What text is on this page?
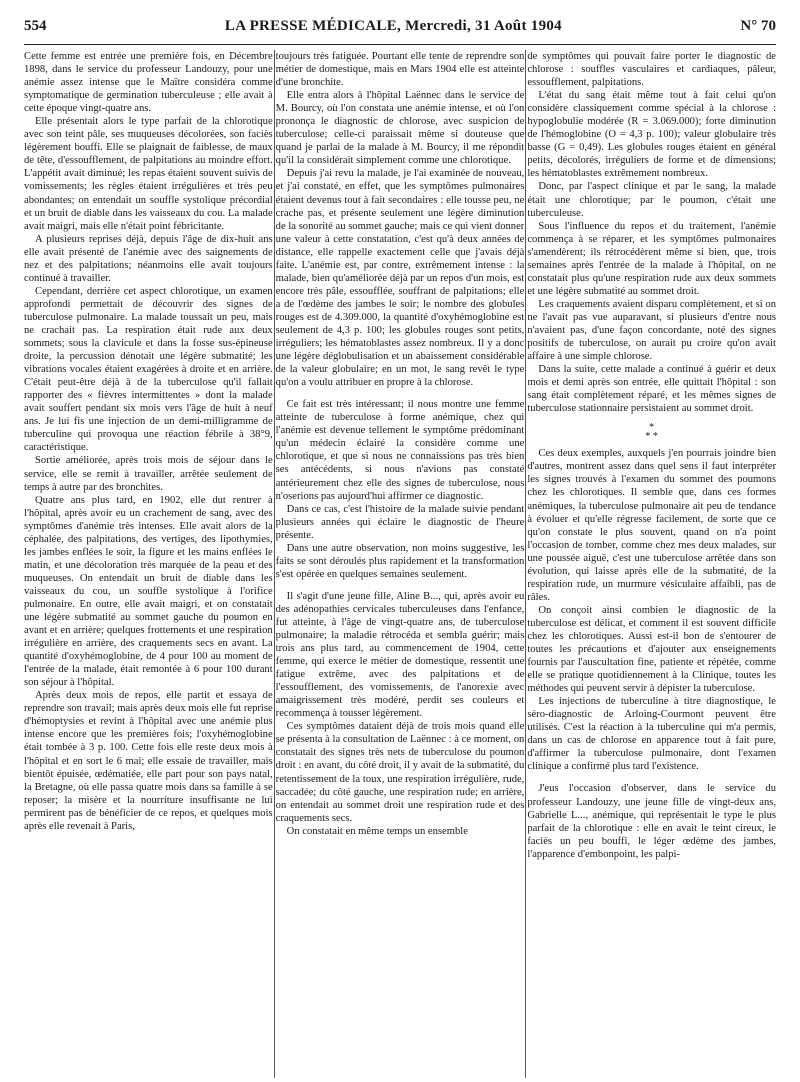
554	LA PRESSE MÉDICALE, Mercredi, 31 Août 1904	N° 70

Cette femme est entrée une première fois, en Décembre 1898, dans le service du professeur Landouzy, pour une anémie assez intense que le Maître considéra comme symptomatique de germination tuberculeuse ; elle avait à cette époque vingt-quatre ans.

Elle présentait alors le type parfait de la chlorotique avec son teint pâle, ses muqueuses décolorées, son faciès légèrement bouffi. Elle se plaignait de faiblesse, de maux de tête, d'essoufflement, de palpitations au moindre effort. L'appétit avait diminué; les repas étaient souvent suivis de vomissements; les règles étaient irrégulières et très peu abondantes; on entendait un souffle systolique précordial et un bruit de diable dans les vaisseaux du cou. La malade avait maigri, mais elle n'était point fébricitante.

A plusieurs reprises déjà, depuis l'âge de dix-huit ans elle avait présenté de l'anémie avec des saignements de nez et des palpitations; néanmoins elle avait toujours continué à travailler.

Cependant, derrière cet aspect chlorotique, un examen approfondi permettait de découvrir des signes de tuberculose pulmonaire. La malade toussait un peu, mais ne crachait pas. La respiration était rude aux deux sommets; sous la clavicule et dans la fosse sus-épineuse droite, la percussion dénotait une légère submatité; les vibrations vocales étaient exagérées à droite et en arrière. C'était peut-être déjà à de la tuberculose qu'il fallait rapporter des « fièvres intermittentes » dont la malade avait souffert pendant six mois vers l'âge de huit à neuf ans. Je lui fis une injection de un demi-milligramme de tuberculine qui provoqua une réaction fébrile à 38°9, caractéristique.

Sortie améliorée, après trois mois de séjour dans le service, elle se remit à travailler, arrêtée seulement de temps à autre par des bronchites.

Quatre ans plus tard, en 1902, elle dut rentrer à l'hôpital, après avoir eu un crachement de sang, avec des symptômes d'anémie très intenses. Elle avait alors de la céphalée, des palpitations, des vertiges, des lipothymies, les jambes enflées le soir, la figure et les mains enflées le matin, et une décoloration très marquée de la peau et des muqueuses. On entendait un bruit de diable dans les vaisseaux du cou, un souffle systolique à l'orifice pulmonaire. En outre, elle avait maigri, et on constatait une légère submatité au sommet gauche du poumon en avant et en arrière; quelques frottements et une respiration irrégulière en arrière, des craquements secs en avant. La quantité d'oxyhémoglobine, de 4 pour 100 au moment de l'entrée de la malade, était remontée à 6 pour 100 durant son séjour à l'hôpital.

Après deux mois de repos, elle partit et essaya de reprendre son travail; mais après deux mois elle fut reprise d'hémoptysies et revint à l'hôpital avec une anémie plus intense encore que les premières fois; l'oxyhémoglobine était tombée à 3 p. 100. Cette fois elle reste deux mois à l'hôpital et en sort le 6 mai; elle essaie de travailler, mais bientôt épuisée, œdématiée, elle part pour son pays natal, la Bretagne, où elle passa quatre mois dans sa famille à se reposer; la misère et la nourriture insuffisante ne lui permirent pas de bénéficier de ce repos, et quelques mois après elle revenait à Paris,

toujours très fatiguée. Pourtant elle tente de reprendre son métier de domestique, mais en Mars 1904 elle est atteinte d'une bronchite.

Elle entra alors à l'hôpital Laënnec dans le service de M. Bourcy, où l'on constata une anémie intense, et où l'on prononça le diagnostic de chlorose, avec suspicion de tuberculose; celle-ci paraissait même si douteuse que quand je parlai de la malade à M. Bourcy, il me répondit qu'il la considérait simplement comme une chlorotique.

Depuis j'ai revu la malade, je l'ai examinée de nouveau, et j'ai constaté, en effet, que les symptômes pulmonaires étaient devenus tout à fait secondaires : elle tousse peu, ne crache pas, et présente seulement une légère diminution de la sonorité au sommet gauche; mais ce qui vient donner une valeur à cette constatation, c'est qu'à deux années de distance, elle rappelle exactement celle que j'avais déjà faite. L'anémie est, par contre, extrêmement intense : la malade, bien qu'améliorée déjà par un repos d'un mois, est encore très pâle, essoufflée, souffrant de palpitations; elle a de l'œdème des jambes le soir; le nombre des globules rouges est de 4.309.000, la quantité d'oxyhémoglobine est seulement de 4,3 p. 100; les globules rouges sont petits, irréguliers; les hématoblastes assez nombreux. Il y a donc une légère déglobulisation et un abaissement considérable de la valeur globulaire; en un mot, le sang revêt le type qu'on a voulu attribuer en propre à la chlorose.

Ce fait est très intéressant; il nous montre une femme atteinte de tuberculose à forme anémique, chez qui l'anémie est devenue tellement le symptôme prédominant qu'un médecin éclairé la considère comme une chlorotique, et que si nous ne connaissions pas très bien ses antécédents, si nous n'avions pas constaté antérieurement chez elle des signes de tuberculose, nous n'oserions pas aujourd'hui affirmer ce diagnostic.

Dans ce cas, c'est l'histoire de la malade suivie pendant plusieurs années qui éclaire le diagnostic de l'heure présente.

Dans une autre observation, non moins suggestive, les faits se sont déroulés plus rapidement et la transformation s'est opérée en quelques semaines seulement.

Il s'agit d'une jeune fille, Aline B..., qui, après avoir eu des adénopathies cervicales tuberculeuses dans l'enfance, fut atteinte, à l'âge de vingt-quatre ans, de tuberculose pulmonaire; la maladie rétrocéda et sembla guérir; mais trois ans plus tard, au commencement de 1904, cette femme, qui exerce le métier de domestique, ressentit une fatigue extrême, avec des palpitations et de l'essoufflement, des vomissements, de l'anorexie avec amaigrissement très modéré, perdit ses couleurs et recommença à tousser légèrement.

Ces symptômes dataient déjà de trois mois quand elle se présenta à la consultation de Laënnec : à ce moment, on constatait des signes très nets de tuberculose du poumon droit : en avant, du côté droit, il y avait de la submatité, du retentissement de la toux, une respiration irrégulière, rude, saccadée; du côté gauche, une respiration rude; en arrière, on entendait au sommet droit une respiration rude et des craquements secs.

On constatait en même temps un ensemble

de symptômes qui pouvait faire porter le diagnostic de chlorose : souffles vasculaires et cardiaques, pâleur, essoufflement, palpitations.

L'état du sang était même tout à fait celui qu'on considère classiquement comme spécial à la chlorose : hypoglobulie modérée (R = 3.069.000); forte diminution de l'hémoglobine (O = 4,3 p. 100); valeur globulaire très basse (G = 0,49). Les globules rouges étaient en général petits, décolorés, irréguliers de forme et de dimensions; les hématoblastes extrêmement nombreux.

Donc, par l'aspect clinique et par le sang, la malade était une chlorotique; par le poumon, c'était une tuberculeuse.

Sous l'influence du repos et du traitement, l'anémie commença à se réparer, et les symptômes pulmonaires s'amendèrent; ils rétrocédèrent même si bien, que, trois semaines après l'entrée de la malade à l'hôpital, on ne constatait plus qu'une respiration rude aux deux sommets et une légère submatité au sommet droit.

Les craquements avaient disparu complètement, et si on ne l'avait pas vue auparavant, si plusieurs d'entre nous n'avaient pas, d'une façon concordante, noté des signes positifs de tuberculose, on aurait pu croire qu'on avait affaire à une simple chlorose.

Dans la suite, cette malade a continué à guérir et deux mois et demi après son entrée, elle quittait l'hôpital : son sang était complètement réparé, et les mêmes signes de tuberculose stationnaire persistaient au sommet droit.

*
* *

Ces deux exemples, auxquels j'en pourrais joindre bien d'autres, montrent assez dans quel sens il faut interpréter les signes trouvés à l'examen du sommet des poumons chez les chlorotiques. Il semble que, dans ces formes anémiques, la tuberculose pulmonaire ait peu de tendance à évoluer et qu'elle régresse facilement, de sorte que ce qu'on constate le plus souvent, quand on n'a point l'occasion de tomber, comme chez mes deux malades, sur une poussée aiguë, c'est une tuberculose arrêtée dans son évolution, qui laisse après elle de la submatité, de la respiration rude, un murmure vésiculaire affaibli, pas de râles.

On conçoit ainsi combien le diagnostic de la tuberculose est délicat, et comment il est souvent difficile chez les chlorotiques. Aussi est-il bon de s'entourer de toutes les précautions et d'ajouter aux enseignements fournis par l'auscultation fine, patiente et répétée, comme elle se pratique quotidiennement à la Clinique, toutes les méthodes qui peuvent servir à dépister la tuberculose.

Les injections de tuberculine à titre diagnostique, le séro-diagnostic de Arloing-Courmont peuvent être utilisés. C'est la réaction à la tuberculine qui m'a permis, dans un cas de chlorose en apparence tout à fait pure, d'affirmer la tuberculose pulmonaire, dont l'examen clinique a confirmé plus tard l'existence.

J'eus l'occasion d'observer, dans le service du professeur Landouzy, une jeune fille de vingt-deux ans, Gabrielle L..., anémique, qui représentait le type le plus parfait de la chlorotique : elle en avait le teint cireux, le faciès un peu bouffi, le léger œdème des jambes, l'apparence d'embonpoint, les palpi-
